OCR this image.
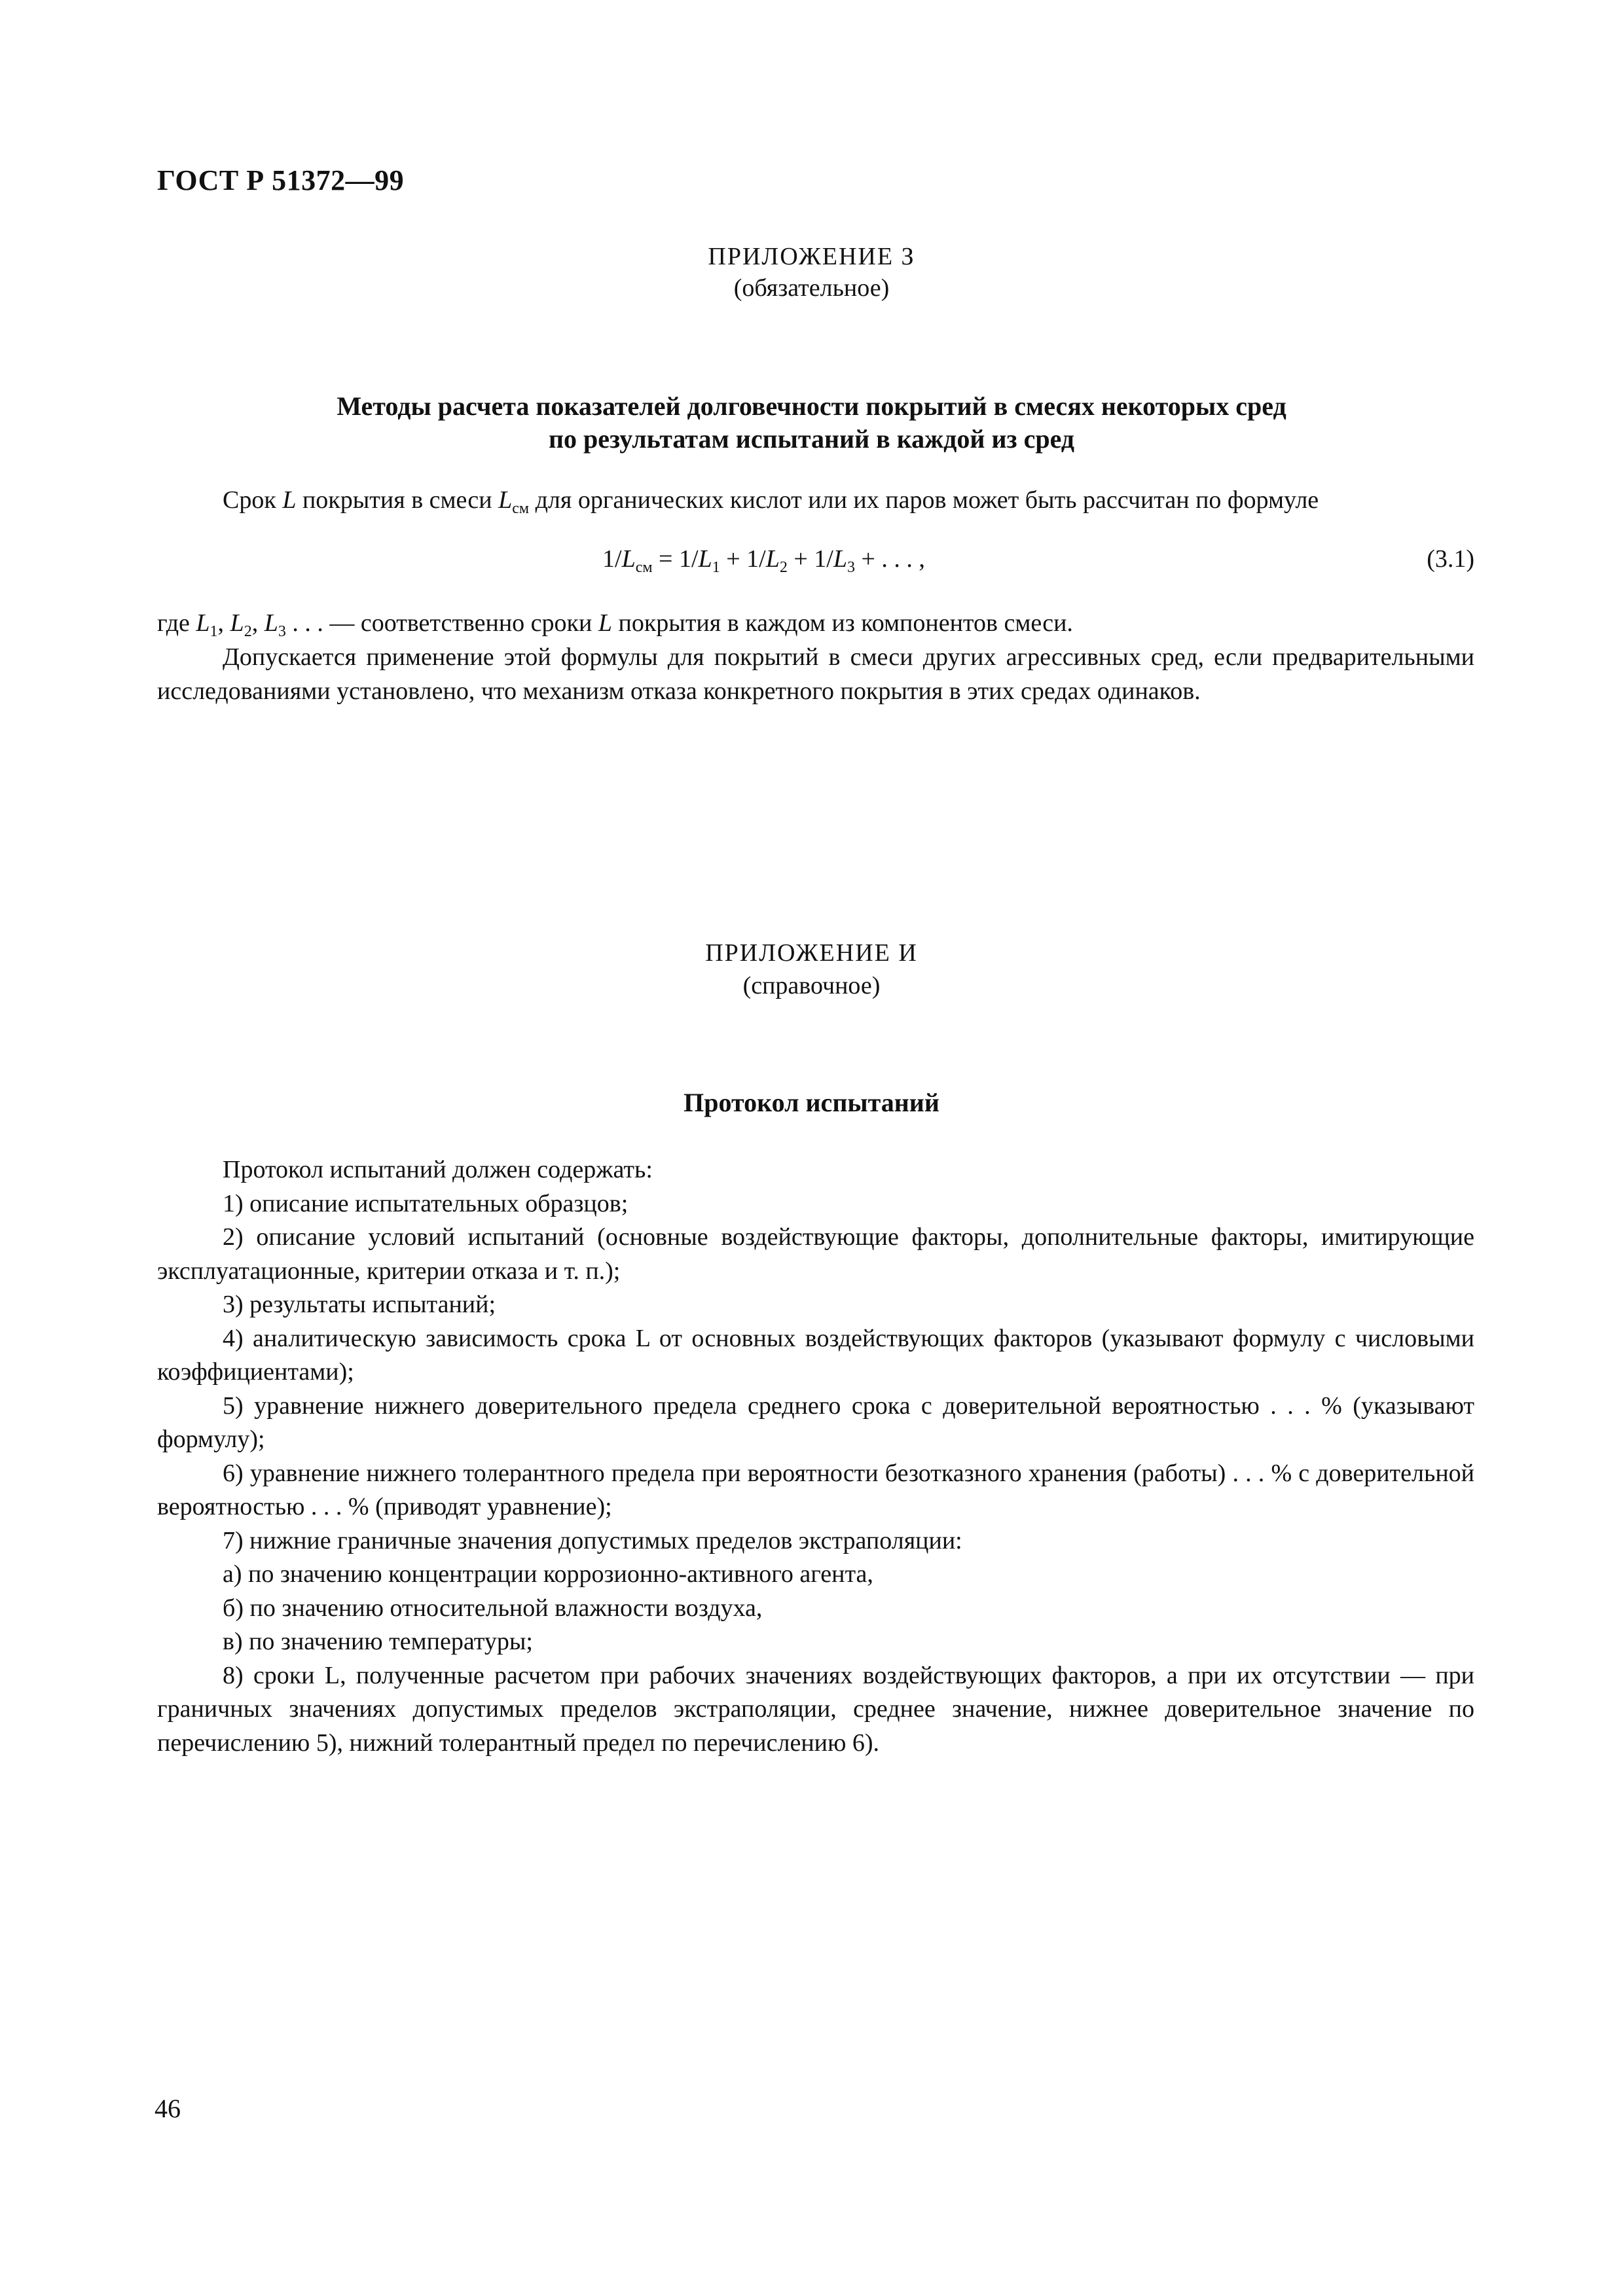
ГОСТ Р 51372—99
ПРИЛОЖЕНИЕ З
(обязательное)
Методы расчета показателей долговечности покрытий в смесях некоторых сред
по результатам испытаний в каждой из сред
Срок L покрытия в смеси $L_{см}$ для органических кислот или их паров может быть рассчитан по формуле
$1/L_{см} = 1/L_1 + 1/L_2 + 1/L_3$ + . . . ,	(3.1)
где $L_1$, $L_2$, $L_3$ . . . — соответственно сроки L покрытия в каждом из компонентов смеси.
Допускается применение этой формулы для покрытий в смеси других агрессивных сред, если предварительными исследованиями установлено, что механизм отказа конкретного покрытия в этих средах одинаков.
ПРИЛОЖЕНИЕ И
(справочное)
Протокол испытаний
Протокол испытаний должен содержать:
1) описание испытательных образцов;
2) описание условий испытаний (основные воздействующие факторы, дополнительные факторы, имитирующие эксплуатационные, критерии отказа и т. п.);
3) результаты испытаний;
4) аналитическую зависимость срока L от основных воздействующих факторов (указывают формулу с числовыми коэффициентами);
5) уравнение нижнего доверительного предела среднего срока с доверительной вероятностью . . . % (указывают формулу);
6) уравнение нижнего толерантного предела при вероятности безотказного хранения (работы) . . . % с доверительной вероятностью . . . % (приводят уравнение);
7) нижние граничные значения допустимых пределов экстраполяции:
а) по значению концентрации коррозионно-активного агента,
б) по значению относительной влажности воздуха,
в) по значению температуры;
8) сроки L, полученные расчетом при рабочих значениях воздействующих факторов, а при их отсутствии — при граничных значениях допустимых пределов экстраполяции, среднее значение, нижнее доверительное значение по перечислению 5), нижний толерантный предел по перечислению 6).
46
